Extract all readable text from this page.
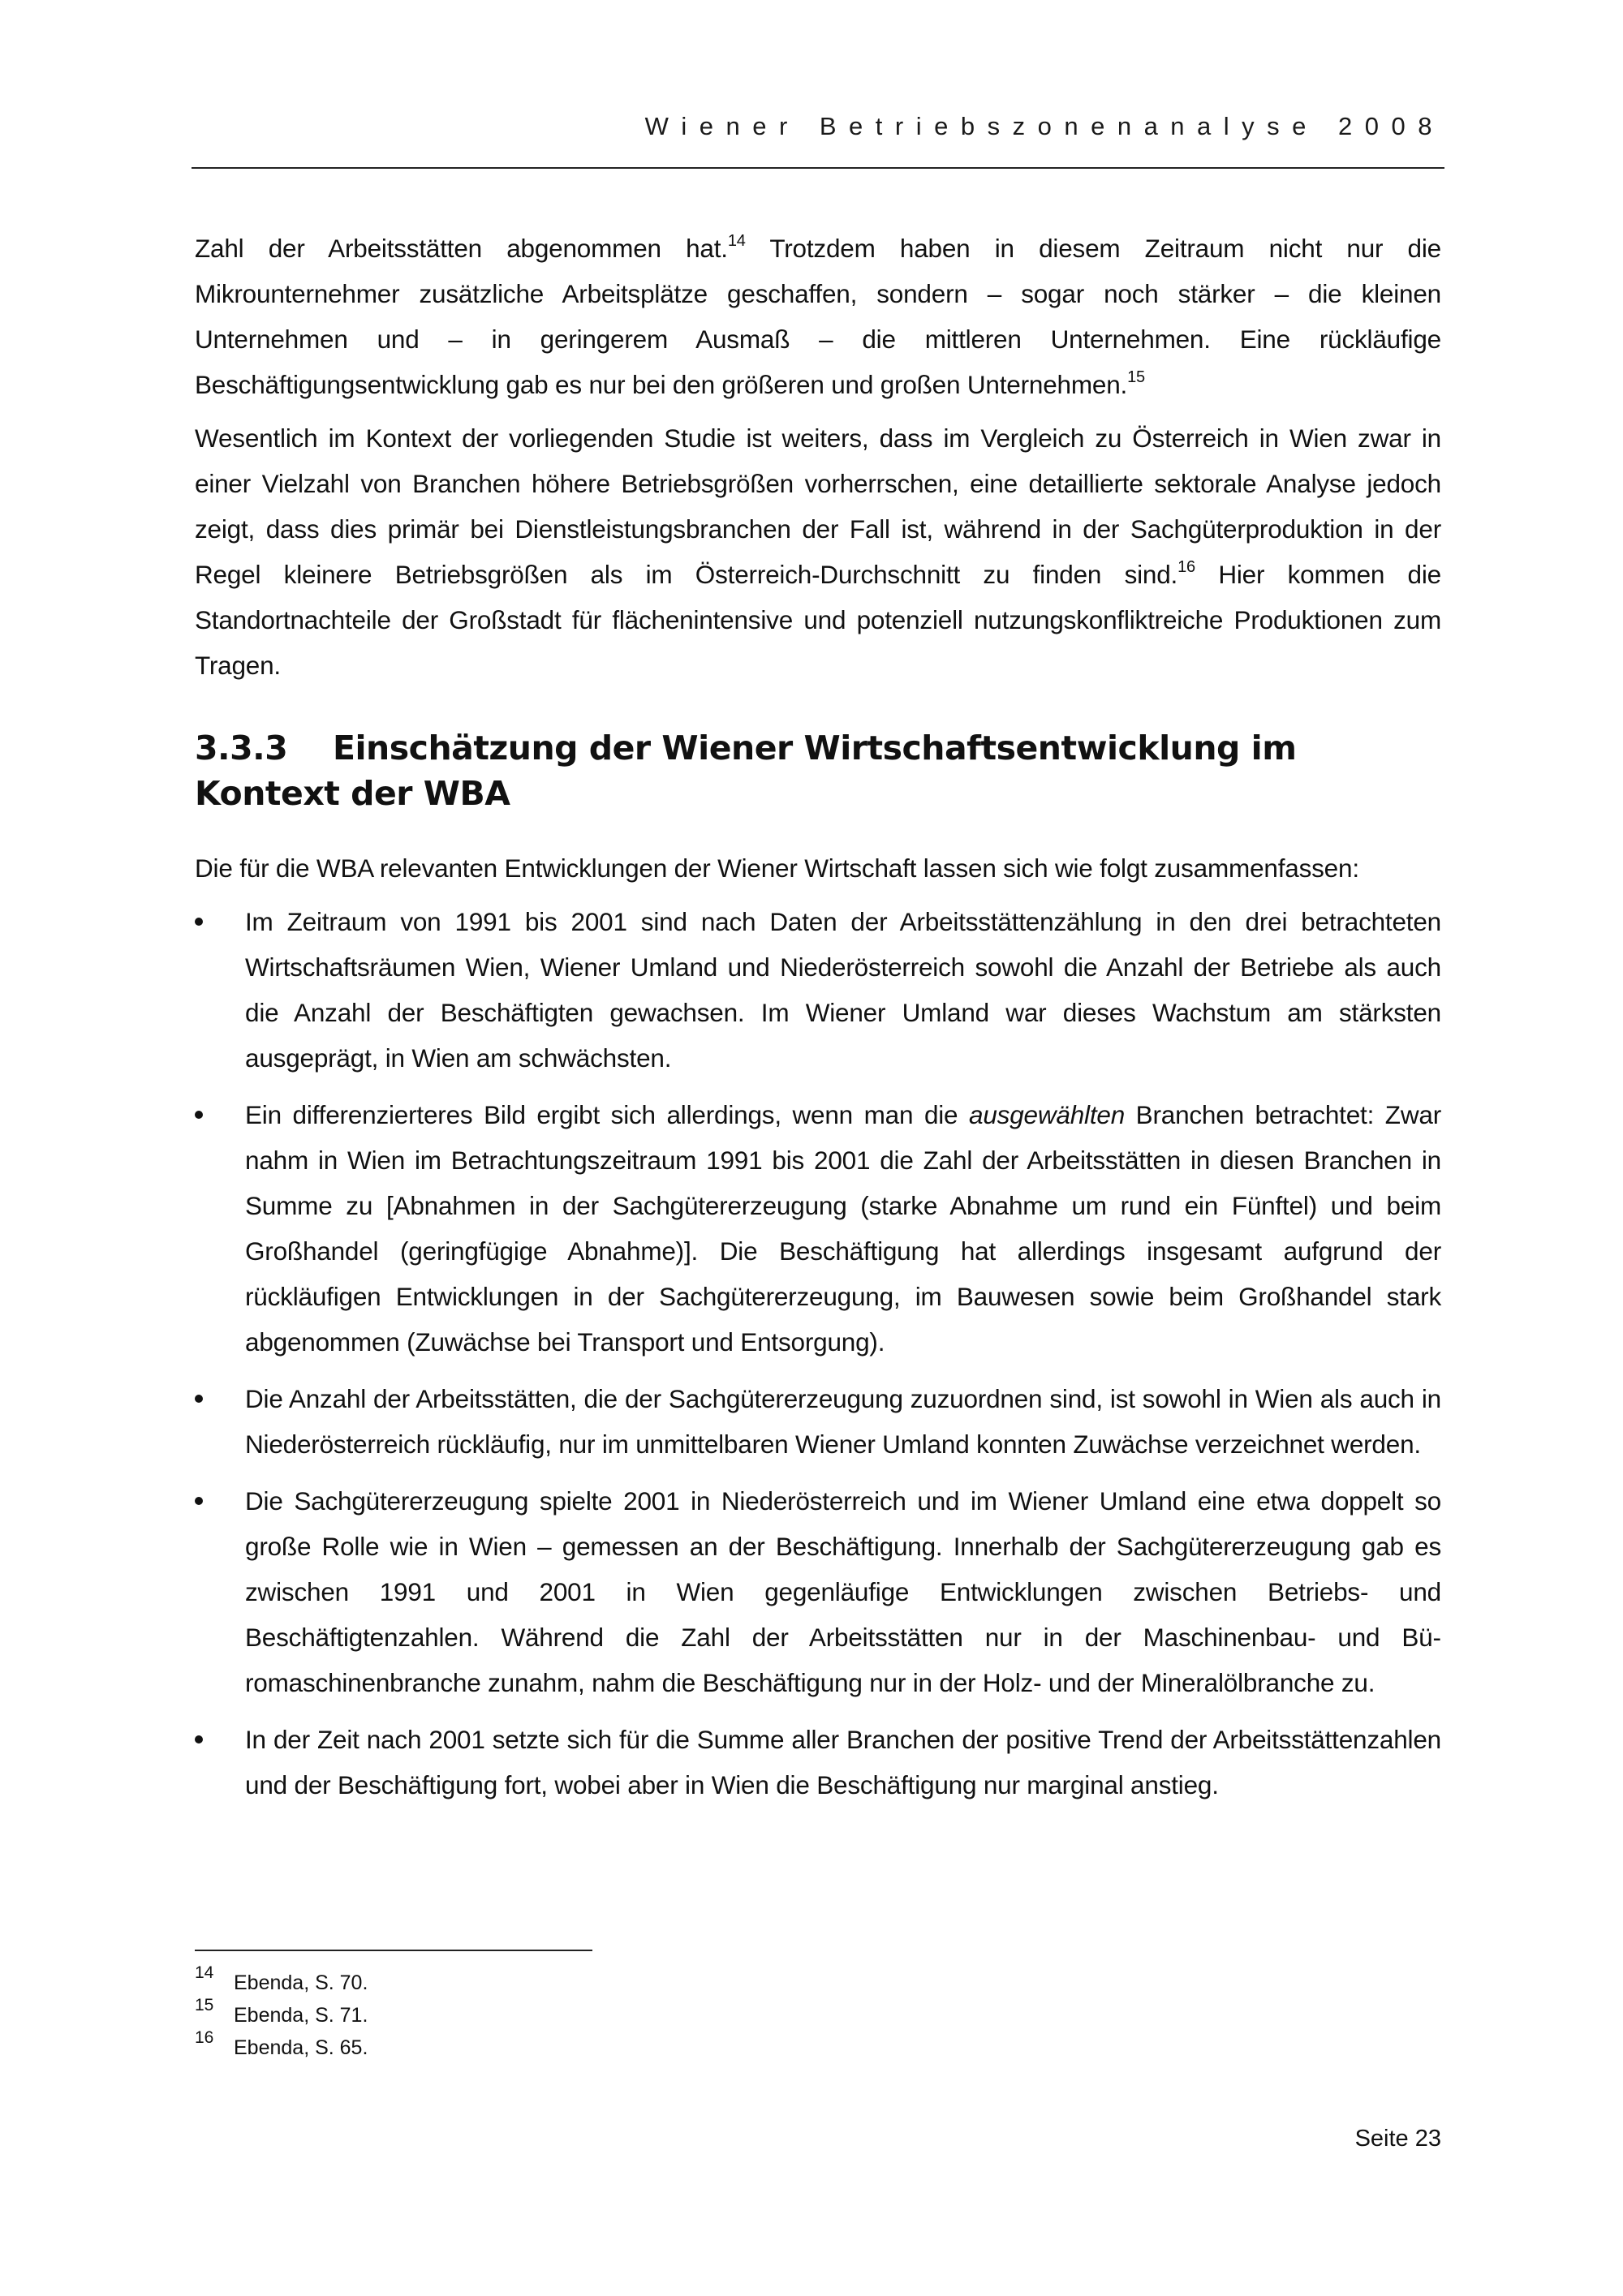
Wiener Betriebszonenanalyse 2008

Zahl der Arbeitsstätten abgenommen hat.$^{14}$ Trotzdem haben in diesem Zeitraum nicht nur die Mikrounternehmer zusätzliche Arbeitsplätze geschaffen, sondern – sogar noch stärker – die kleinen Unternehmen und – in geringerem Ausmaß – die mittleren Unternehmen. Eine rückläufige Beschäftigungsentwicklung gab es nur bei den größeren und großen Unternehmen.$^{15}$

Wesentlich im Kontext der vorliegenden Studie ist weiters, dass im Vergleich zu Österreich in Wien zwar in einer Vielzahl von Branchen höhere Betriebsgrößen vorherrschen, eine detaillierte sektorale Analyse jedoch zeigt, dass dies primär bei Dienstleistungsbranchen der Fall ist, während in der Sachgüterproduktion in der Regel kleinere Betriebsgrößen als im Österreich-Durchschnitt zu finden sind.$^{16}$ Hier kommen die Standortnachteile der Großstadt für flächenintensive und potenziell nutzungskonfliktreiche Produktionen zum Tragen.

3.3.3 Einschätzung der Wiener Wirtschaftsentwicklung im Kontext der WBA

Die für die WBA relevanten Entwicklungen der Wiener Wirtschaft lassen sich wie folgt zusammenfassen:

Im Zeitraum von 1991 bis 2001 sind nach Daten der Arbeitsstättenzählung in den drei betrachteten Wirtschaftsräumen Wien, Wiener Umland und Niederösterreich sowohl die Anzahl der Betriebe als auch die Anzahl der Beschäftigten gewachsen. Im Wiener Umland war dieses Wachstum am stärksten ausgeprägt, in Wien am schwächsten.

Ein differenzierteres Bild ergibt sich allerdings, wenn man die ausgewählten Branchen betrachtet: Zwar nahm in Wien im Betrachtungszeitraum 1991 bis 2001 die Zahl der Arbeitsstätten in diesen Branchen in Summe zu [Abnahmen in der Sachgütererzeugung (starke Abnahme um rund ein Fünftel) und beim Großhandel (geringfügige Abnahme)]. Die Beschäftigung hat allerdings insgesamt aufgrund der rückläufigen Entwicklungen in der Sachgütererzeugung, im Bauwesen sowie beim Großhandel stark abgenommen (Zuwächse bei Transport und Entsorgung).

Die Anzahl der Arbeitsstätten, die der Sachgütererzeugung zuzuordnen sind, ist sowohl in Wien als auch in Niederösterreich rückläufig, nur im unmittelbaren Wiener Umland konnten Zuwächse verzeichnet werden.

Die Sachgütererzeugung spielte 2001 in Niederösterreich und im Wiener Umland eine etwa doppelt so große Rolle wie in Wien – gemessen an der Beschäftigung. Innerhalb der Sachgütererzeugung gab es zwischen 1991 und 2001 in Wien gegenläufige Entwicklungen zwischen Betriebs- und Beschäftigtenzahlen. Während die Zahl der Arbeitsstätten nur in der Maschinenbau- und Büromaschinenbranche zunahm, nahm die Beschäftigung nur in der Holz- und der Mineralölbranche zu.

In der Zeit nach 2001 setzte sich für die Summe aller Branchen der positive Trend der Arbeitsstättenzahlen und der Beschäftigung fort, wobei aber in Wien die Beschäftigung nur marginal anstieg.

14 Ebenda, S. 70.
15 Ebenda, S. 71.
16 Ebenda, S. 65.
Seite 23
